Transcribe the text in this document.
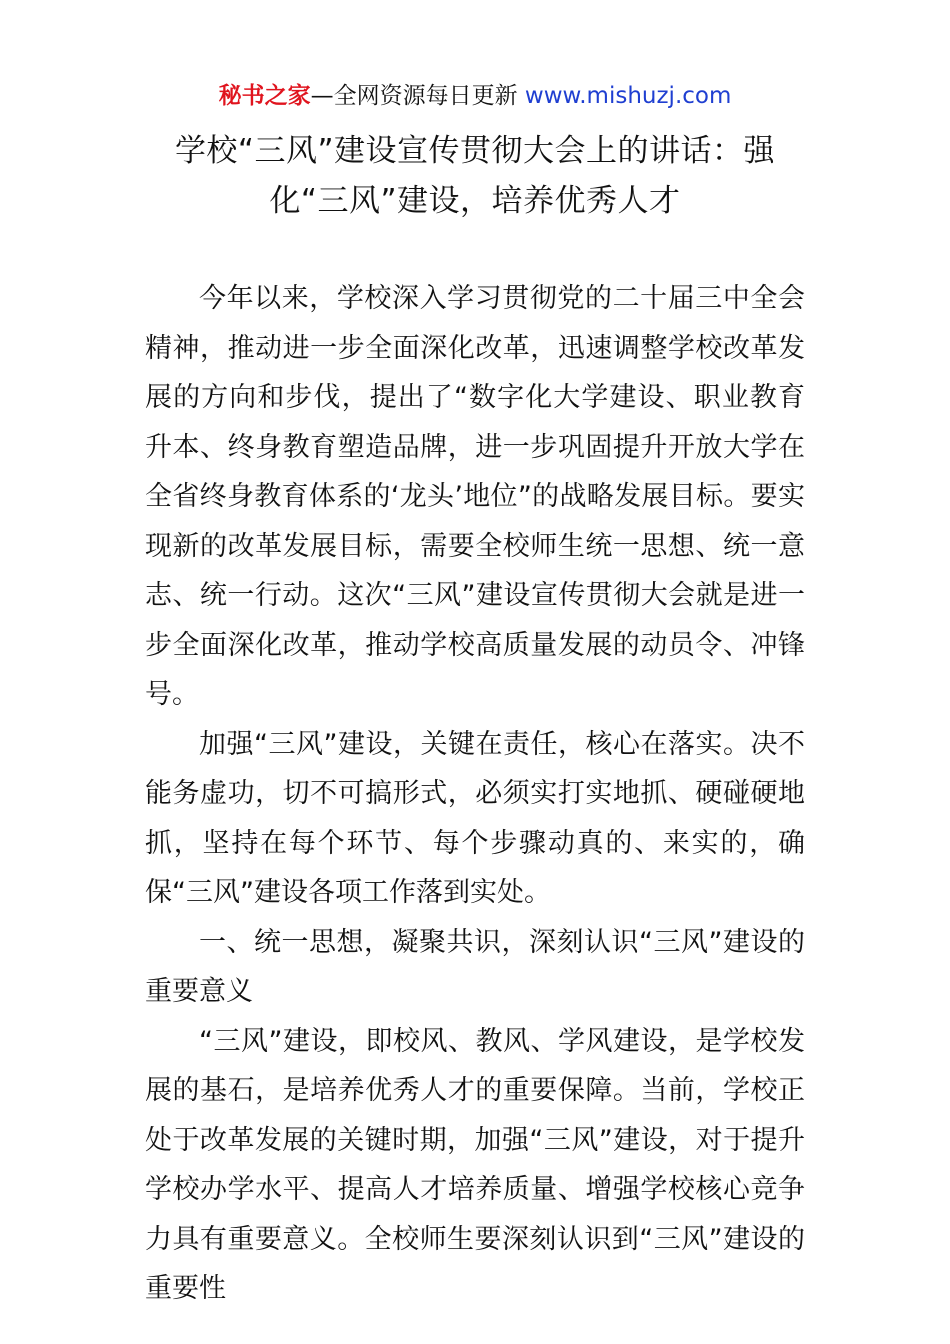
秘书之家—全网资源每日更新 www.mishuzj.com
学校“三风”建设宣传贯彻大会上的讲话：强化“三风”建设，培养优秀人才

今年以来，学校深入学习贯彻党的二十届三中全会精神，推动进一步全面深化改革，迅速调整学校改革发展的方向和步伐，提出了“数字化大学建设、职业教育升本、终身教育塑造品牌，进一步巩固提升开放大学在全省终身教育体系的‘龙头’地位”的战略发展目标。要实现新的改革发展目标，需要全校师生统一思想、统一意志、统一行动。这次“三风”建设宣传贯彻大会就是进一步全面深化改革，推动学校高质量发展的动员令、冲锋号。

加强“三风”建设，关键在责任，核心在落实。决不能务虚功，切不可搞形式，必须实打实地抓、硬碰硬地抓，坚持在每个环节、每个步骤动真的、来实的，确保“三风”建设各项工作落到实处。

一、统一思想，凝聚共识，深刻认识“三风”建设的重要意义

“三风”建设，即校风、教风、学风建设，是学校发展的基石，是培养优秀人才的重要保障。当前，学校正处于改革发展的关键时期，加强“三风”建设，对于提升学校办学水平、提高人才培养质量、增强学校核心竞争力具有重要意义。全校师生要深刻认识到“三风”建设的重要性
